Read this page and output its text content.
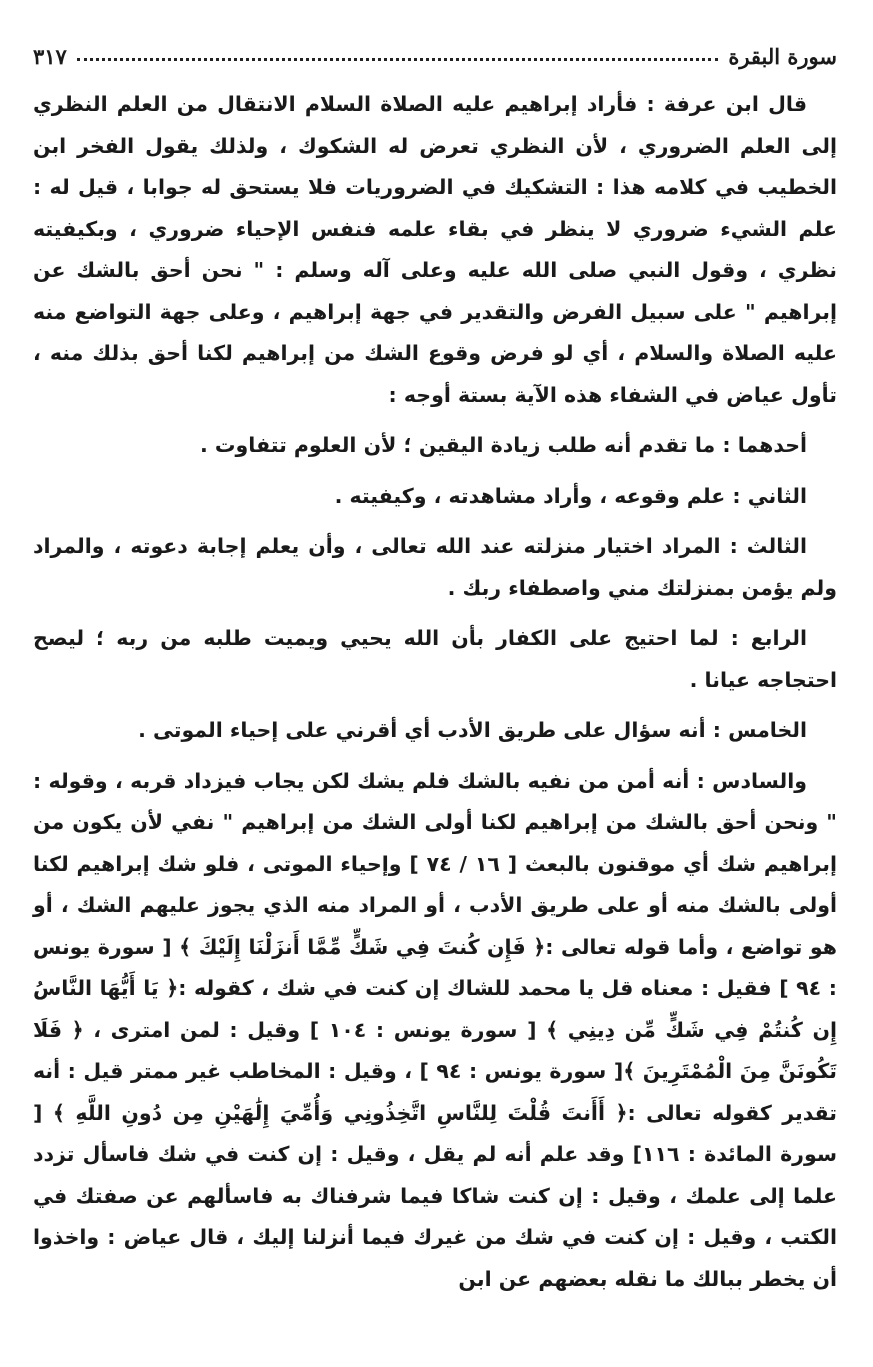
سورة البقرة
٣١٧

قال ابن عرفة : فأراد إبراهيم عليه الصلاة السلام الانتقال من العلم النظري إلى العلم الضروري ، لأن النظري تعرض له الشكوك ، ولذلك يقول الفخر ابن الخطيب في كلامه هذا : التشكيك في الضروريات فلا يستحق له جوابا ، قيل له : علم الشيء ضروري لا ينظر في بقاء علمه فنفس الإحياء ضروري ، وبكيفيته نظري ، وقول النبي صلى الله عليه وعلى آله وسلم : " نحن أحق بالشك عن إبراهيم " على سبيل الفرض والتقدير في جهة إبراهيم ، وعلى جهة التواضع منه عليه الصلاة والسلام ، أي لو فرض وقوع الشك من إبراهيم لكنا أحق بذلك منه ، تأول عياض في الشفاء هذه الآية بستة أوجه :

أحدهما : ما تقدم أنه طلب زيادة اليقين ؛ لأن العلوم تتفاوت .

الثاني : علم وقوعه ، وأراد مشاهدته ، وكيفيته .

الثالث : المراد اختيار منزلته عند الله تعالى ، وأن يعلم إجابة دعوته ، والمراد ولم يؤمن بمنزلتك مني واصطفاء ربك .

الرابع : لما احتيج على الكفار بأن الله يحيي ويميت طلبه من ربه ؛ ليصح احتجاجه عيانا .

الخامس : أنه سؤال على طريق الأدب أي أقرني على إحياء الموتى .

والسادس : أنه أمن من نفيه بالشك فلم يشك لكن يجاب فيزداد قربه ، وقوله : " ونحن أحق بالشك من إبراهيم لكنا أولى الشك من إبراهيم " نفي لأن يكون من إبراهيم شك أي موقنون بالبعث [ ١٦ / ٧٤ ] وإحياء الموتى ، فلو شك إبراهيم لكنا أولى بالشك منه أو على طريق الأدب ، أو المراد منه الذي يجوز عليهم الشك ، أو هو تواضع ، وأما قوله تعالى :﴿ فَإِن كُنتَ فِي شَكٍّ مِّمَّا أَنزَلْنَا إِلَيْكَ ﴾ [ سورة يونس : ٩٤ ] فقيل : معناه قل يا محمد للشاك إن كنت في شك ، كقوله :﴿ يَا أَيُّهَا النَّاسُ إِن كُنتُمْ فِي شَكٍّ مِّن دِينِي ﴾ [ سورة يونس : ١٠٤ ] وقيل : لمن امترى ، ﴿ فَلَا تَكُونَنَّ مِنَ الْمُمْتَرِينَ ﴾[ سورة يونس : ٩٤ ] ، وقيل : المخاطب غير ممتر قيل : أنه تقدير كقوله تعالى :﴿ أَأَنتَ قُلْتَ لِلنَّاسِ اتَّخِذُونِي وَأُمِّيَ إِلَٰهَيْنِ مِن دُونِ اللَّهِ ﴾ [ سورة المائدة : ١١٦] وقد علم أنه لم يقل ، وقيل : إن كنت في شك فاسأل تزدد علما إلى علمك ، وقيل : إن كنت شاكا فيما شرفناك به فاسألهم عن صفتك في الكتب ، وقيل : إن كنت في شك من غيرك فيما أنزلنا إليك ، قال عياض : واخذوا أن يخطر ببالك ما نقله بعضهم عن ابن
